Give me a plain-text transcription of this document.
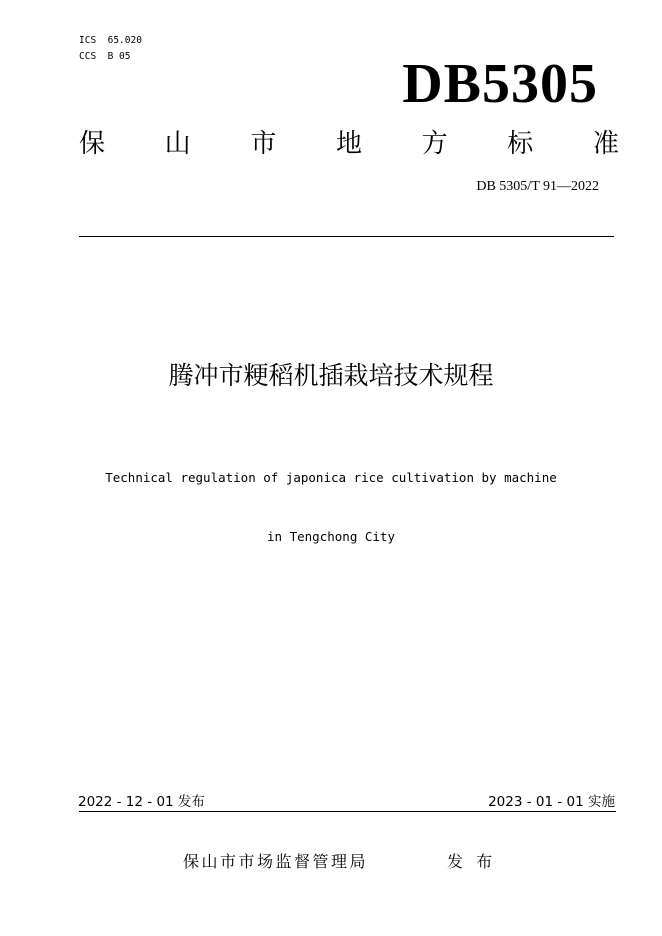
ICS  65.020
CCS  B 05	DB5305
保 山 市 地 方 标 准
DB 5305/T 91—2022
腾冲市粳稻机插栽培技术规程
Technical regulation of japonica rice cultivation by machine
in Tengchong City
2022 - 12 - 01 发布	2023 - 01 - 01 实施
保山市市场监督管理局	发 布
